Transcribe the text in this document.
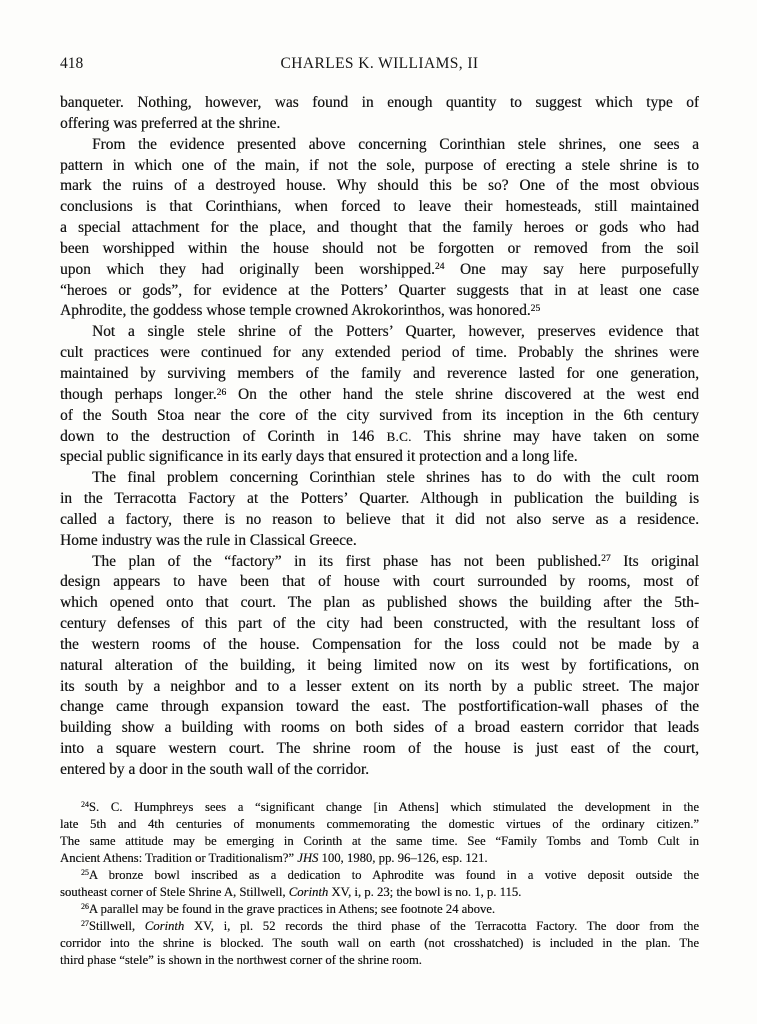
418	CHARLES K. WILLIAMS, II
banqueter. Nothing, however, was found in enough quantity to suggest which type of
offering was preferred at the shrine.
From the evidence presented above concerning Corinthian stele shrines, one sees a
pattern in which one of the main, if not the sole, purpose of erecting a stele shrine is to
mark the ruins of a destroyed house. Why should this be so? One of the most obvious
conclusions is that Corinthians, when forced to leave their homesteads, still maintained
a special attachment for the place, and thought that the family heroes or gods who had
been worshipped within the house should not be forgotten or removed from the soil
upon which they had originally been worshipped.$^{24}$ One may say here purposefully
“heroes or gods”, for evidence at the Potters’ Quarter suggests that in at least one case
Aphrodite, the goddess whose temple crowned Akrokorinthos, was honored.$^{25}$
Not a single stele shrine of the Potters’ Quarter, however, preserves evidence that
cult practices were continued for any extended period of time. Probably the shrines were
maintained by surviving members of the family and reverence lasted for one generation,
though perhaps longer.$^{26}$ On the other hand the stele shrine discovered at the west end
of the South Stoa near the core of the city survived from its inception in the 6th century
down to the destruction of Corinth in 146 B.C. This shrine may have taken on some
special public significance in its early days that ensured it protection and a long life.
The final problem concerning Corinthian stele shrines has to do with the cult room
in the Terracotta Factory at the Potters’ Quarter. Although in publication the building is
called a factory, there is no reason to believe that it did not also serve as a residence.
Home industry was the rule in Classical Greece.
The plan of the “factory” in its first phase has not been published.$^{27}$ Its original
design appears to have been that of house with court surrounded by rooms, most of
which opened onto that court. The plan as published shows the building after the 5th-
century defenses of this part of the city had been constructed, with the resultant loss of
the western rooms of the house. Compensation for the loss could not be made by a
natural alteration of the building, it being limited now on its west by fortifications, on
its south by a neighbor and to a lesser extent on its north by a public street. The major
change came through expansion toward the east. The postfortification-wall phases of the
building show a building with rooms on both sides of a broad eastern corridor that leads
into a square western court. The shrine room of the house is just east of the court,
entered by a door in the south wall of the corridor.
$^{24}$S. C. Humphreys sees a “significant change [in Athens] which stimulated the development in the
late 5th and 4th centuries of monuments commemorating the domestic virtues of the ordinary citizen.”
The same attitude may be emerging in Corinth at the same time. See “Family Tombs and Tomb Cult in
Ancient Athens: Tradition or Traditionalism?” JHS 100, 1980, pp. 96–126, esp. 121.
$^{25}$A bronze bowl inscribed as a dedication to Aphrodite was found in a votive deposit outside the
southeast corner of Stele Shrine A, Stillwell, Corinth XV, i, p. 23; the bowl is no. 1, p. 115.
$^{26}$A parallel may be found in the grave practices in Athens; see footnote 24 above.
$^{27}$Stillwell, Corinth XV, i, pl. 52 records the third phase of the Terracotta Factory. The door from the
corridor into the shrine is blocked. The south wall on earth (not crosshatched) is included in the plan. The
third phase “stele” is shown in the northwest corner of the shrine room.
